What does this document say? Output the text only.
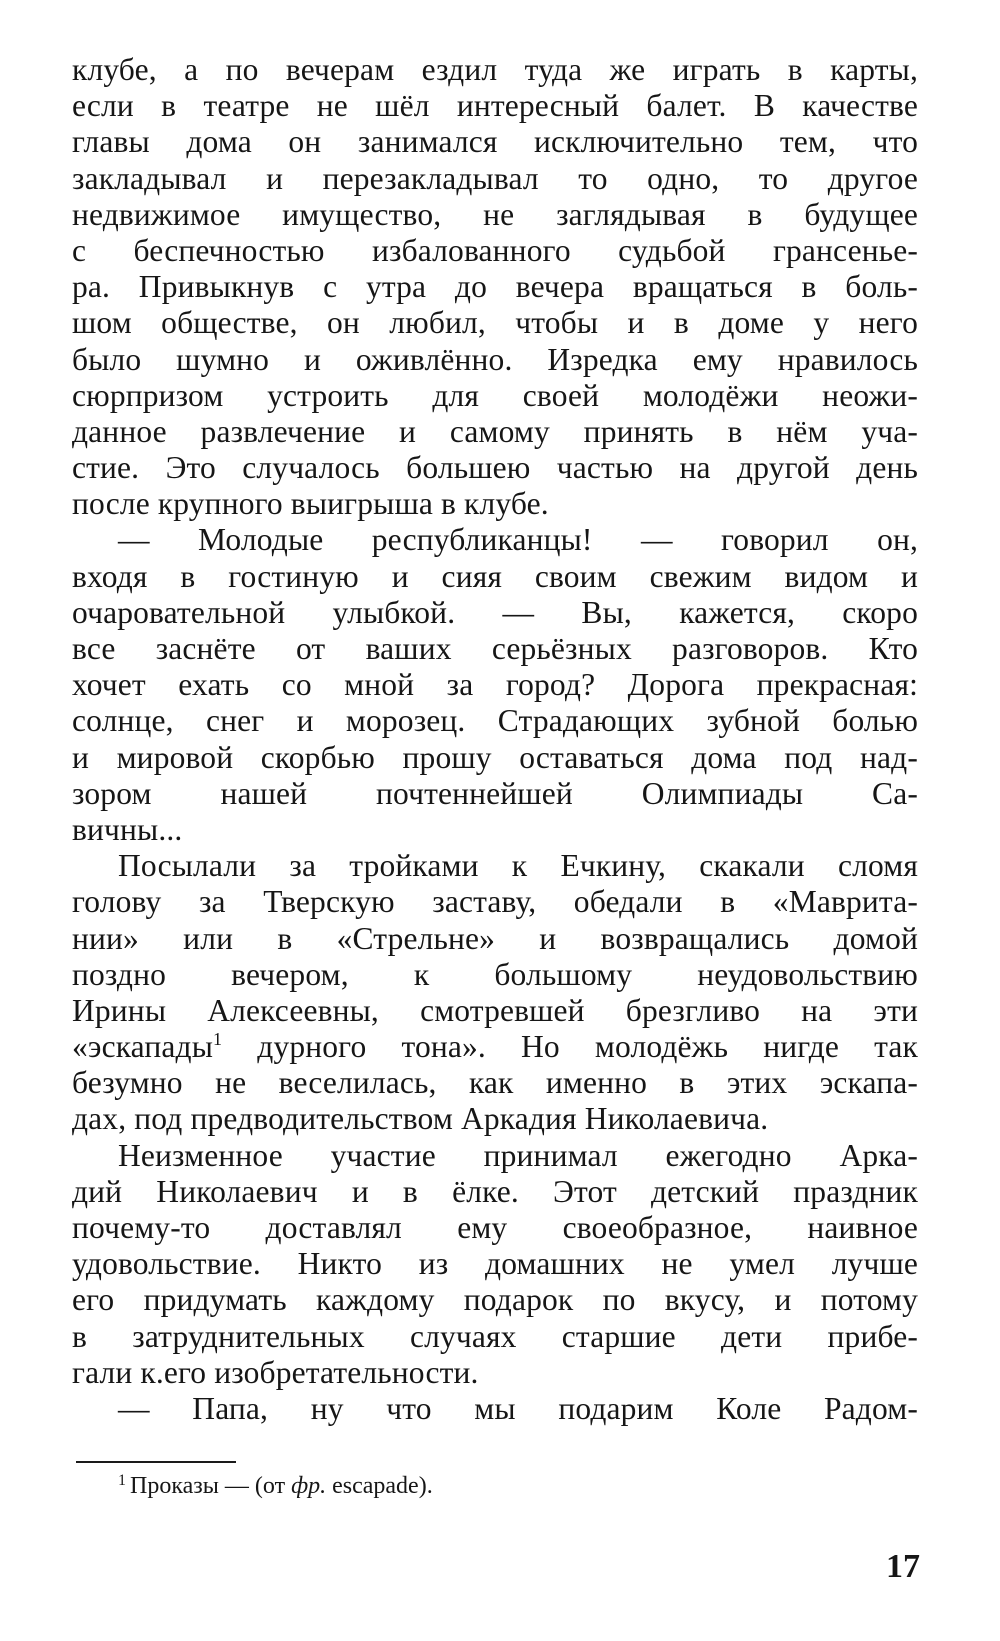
клубе, а по вечерам ездил туда же играть в карты,
если в театре не шёл интересный балет. В качестве
главы дома он занимался исключительно тем, что
закладывал и перезакладывал то одно, то другое
недвижимое имущество, не заглядывая в будущее
с беспечностью избалованного судьбой грансенье-
ра. Привыкнув с утра до вечера вращаться в боль-
шом обществе, он любил, чтобы и в доме у него
было шумно и оживлённо. Изредка ему нравилось
сюрпризом устроить для своей молодёжи неожи-
данное развлечение и самому принять в нём уча-
стие. Это случалось большею частью на другой день
после крупного выигрыша в клубе.
— Молодые республиканцы! — говорил он,
входя в гостиную и сияя своим свежим видом и
очаровательной улыбкой. — Вы, кажется, скоро
все заснёте от ваших серьёзных разговоров. Кто
хочет ехать со мной за город? Дорога прекрасная:
солнце, снег и морозец. Страдающих зубной болью
и мировой скорбью прошу оставаться дома под над-
зором нашей почтеннейшей Олимпиады Са-
вичны...
Посылали за тройками к Ечкину, скакали сломя
голову за Тверскую заставу, обедали в «Маврита-
нии» или в «Стрельне» и возвращались домой
поздно вечером, к большому неудовольствию
Ирины Алексеевны, смотревшей брезгливо на эти
«эскапады$^1$ дурного тона». Но молодёжь нигде так
безумно не веселилась, как именно в этих эскапа-
дах, под предводительством Аркадия Николаевича.
Неизменное участие принимал ежегодно Арка-
дий Николаевич и в ёлке. Этот детский праздник
почему-то доставлял ему своеобразное, наивное
удовольствие. Никто из домашних не умел лучше
его придумать каждому подарок по вкусу, и потому
в затруднительных случаях старшие дети прибе-
гали к.его изобретательности.
— Папа, ну что мы подарим Коле Радом-
$^1$ Проказы — (от фр. escapade).
17
